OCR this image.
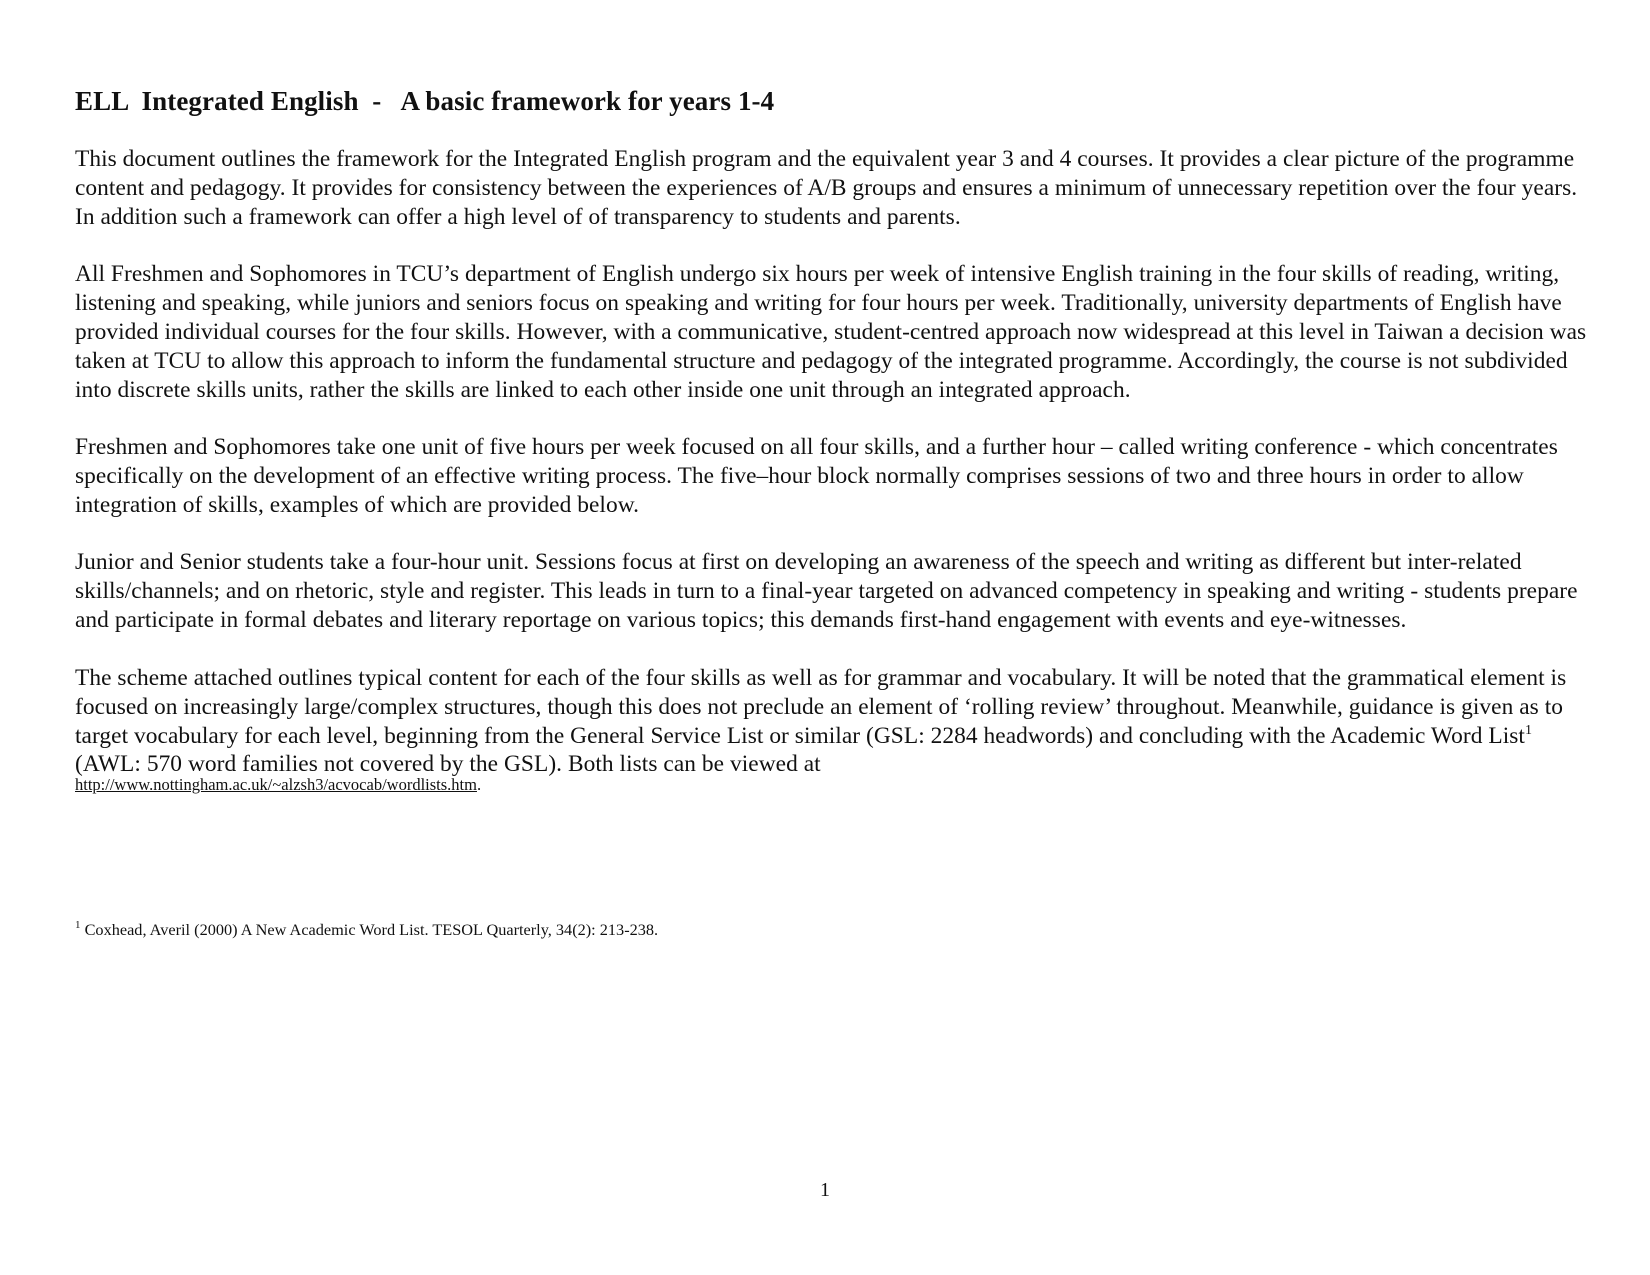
ELL  Integrated English  -   A basic framework for years 1-4

This document outlines the framework for the Integrated English program and the equivalent year 3 and 4 courses. It provides a clear picture of the programme content and pedagogy. It provides for consistency between the experiences of A/B groups and ensures a minimum of unnecessary repetition over the four years. In addition such a framework can offer a high level of of transparency to students and parents.

All Freshmen and Sophomores in TCU’s department of English undergo six hours per week of intensive English training in the four skills of reading, writing, listening and speaking, while juniors and seniors focus on speaking and writing for four hours per week. Traditionally, university departments of English have provided individual courses for the four skills. However, with a communicative, student-centred approach now widespread at this level in Taiwan a decision was taken at TCU to allow this approach to inform the fundamental structure and pedagogy of the integrated programme. Accordingly, the course is not subdivided into discrete skills units, rather the skills are linked to each other inside one unit through an integrated approach.

Freshmen and Sophomores take one unit of five hours per week focused on all four skills, and a further hour – called writing conference - which concentrates specifically on the development of an effective writing process. The five–hour block normally comprises sessions of two and three hours in order to allow integration of skills, examples of which are provided below.

Junior and Senior students take a four-hour unit. Sessions focus at first on developing an awareness of the speech and writing as different but inter-related skills/channels; and on rhetoric, style and register. This leads in turn to a final-year targeted on advanced competency in speaking and writing - students prepare and participate in formal debates and literary reportage on various topics; this demands first-hand engagement with events and eye-witnesses.

The scheme attached outlines typical content for each of the four skills as well as for grammar and vocabulary. It will be noted that the grammatical element is focused on increasingly large/complex structures, though this does not preclude an element of ‘rolling review’ throughout. Meanwhile, guidance is given as to target vocabulary for each level, beginning from the General Service List or similar (GSL: 2284 headwords) and concluding with the Academic Word List$^1$ (AWL: 570 word families not covered by the GSL). Both lists can be viewed at

http://www.nottingham.ac.uk/~alzsh3/acvocab/wordlists.htm.
$^1$ Coxhead, Averil (2000) A New Academic Word List. TESOL Quarterly, 34(2): 213-238.
1
